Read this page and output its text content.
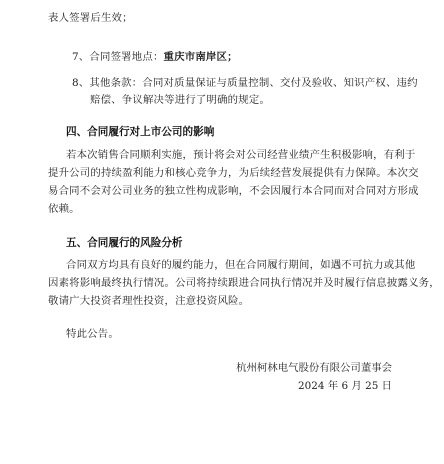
表人签署后生效；
7、合同签署地点：重庆市南岸区；
8、其他条款：合同对质量保证与质量控制、交付及验收、知识产权、违约
赔偿、争议解决等进行了明确的规定。
四、合同履行对上市公司的影响
若本次销售合同顺利实施，预计将会对公司经营业绩产生积极影响，有利于
提升公司的持续盈利能力和核心竞争力，为后续经营发展提供有力保障。本次交
易合同不会对公司业务的独立性构成影响，不会因履行本合同而对合同对方形成
依赖。
五、合同履行的风险分析
合同双方均具有良好的履约能力，但在合同履行期间，如遇不可抗力或其他
因素将影响最终执行情况。公司将持续跟进合同执行情况并及时履行信息披露义务，
敬请广大投资者理性投资，注意投资风险。
特此公告。
杭州柯林电气股份有限公司董事会
2024 年 6 月 25 日
